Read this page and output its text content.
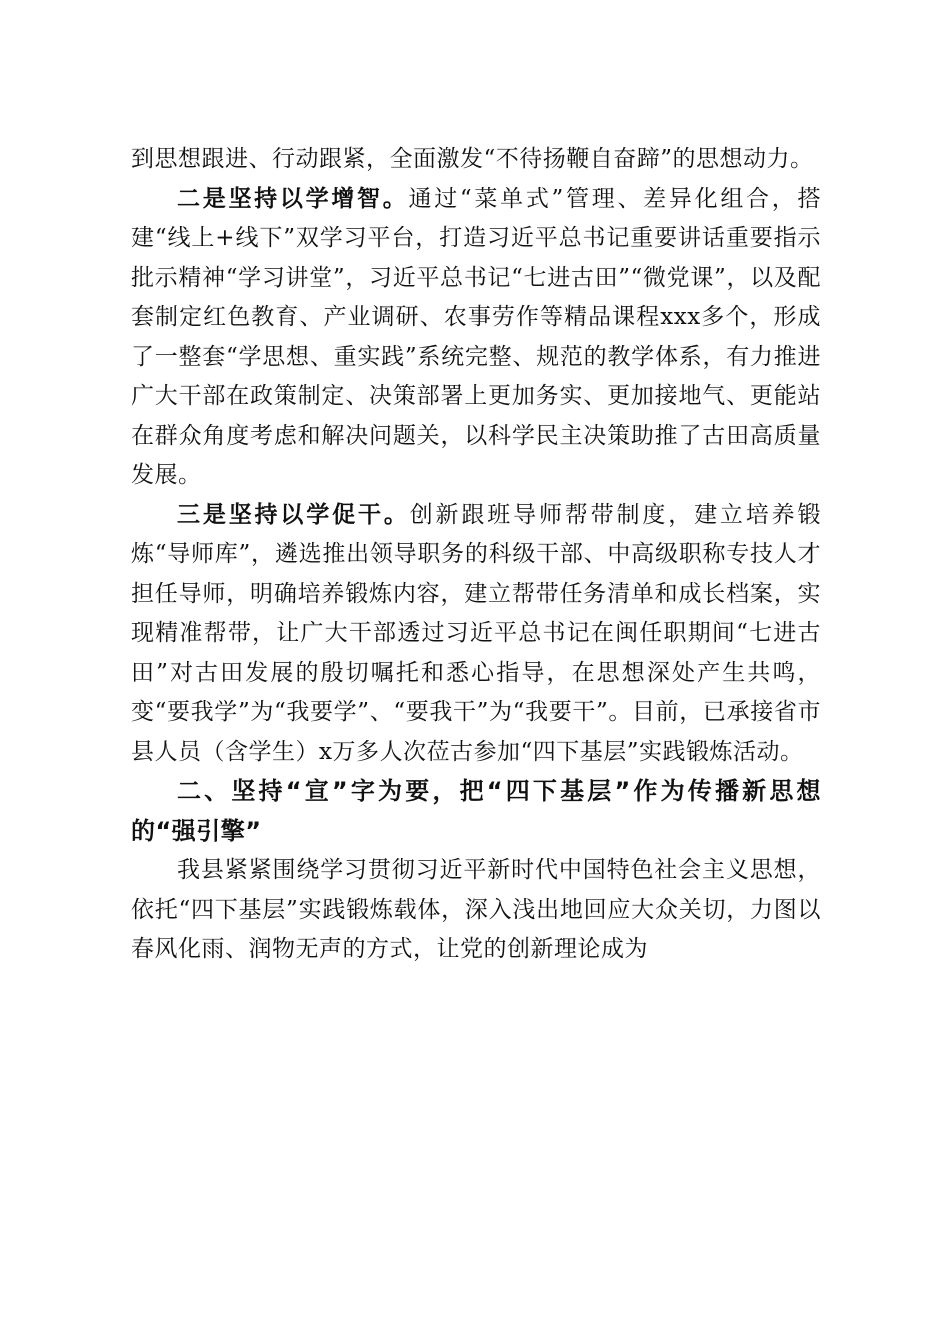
到思想跟进、行动跟紧，全面激发“不待扬鞭自奋蹄”的思想动力。

二是坚持以学增智。通过“菜单式”管理、差异化组合，搭建“线上+线下”双学习平台，打造习近平总书记重要讲话重要指示批示精神“学习讲堂”，习近平总书记“七进古田”“微党课”，以及配套制定红色教育、产业调研、农事劳作等精品课程xxx多个，形成了一整套“学思想、重实践”系统完整、规范的教学体系，有力推进广大干部在政策制定、决策部署上更加务实、更加接地气、更能站在群众角度考虑和解决问题关，以科学民主决策助推了古田高质量发展。

三是坚持以学促干。创新跟班导师帮带制度，建立培养锻炼“导师库”，遴选推出领导职务的科级干部、中高级职称专技人才担任导师，明确培养锻炼内容，建立帮带任务清单和成长档案，实现精准帮带，让广大干部透过习近平总书记在闽任职期间“七进古田”对古田发展的殷切嘱托和悉心指导，在思想深处产生共鸣，变“要我学”为“我要学”、“要我干”为“我要干”。目前，已承接省市县人员（含学生）x万多人次莅古参加“四下基层”实践锻炼活动。

二、坚持“宣”字为要，把“四下基层”作为传播新思想的“强引擎”

我县紧紧围绕学习贯彻习近平新时代中国特色社会主义思想，依托“四下基层”实践锻炼载体，深入浅出地回应大众关切，力图以春风化雨、润物无声的方式，让党的创新理论成为
